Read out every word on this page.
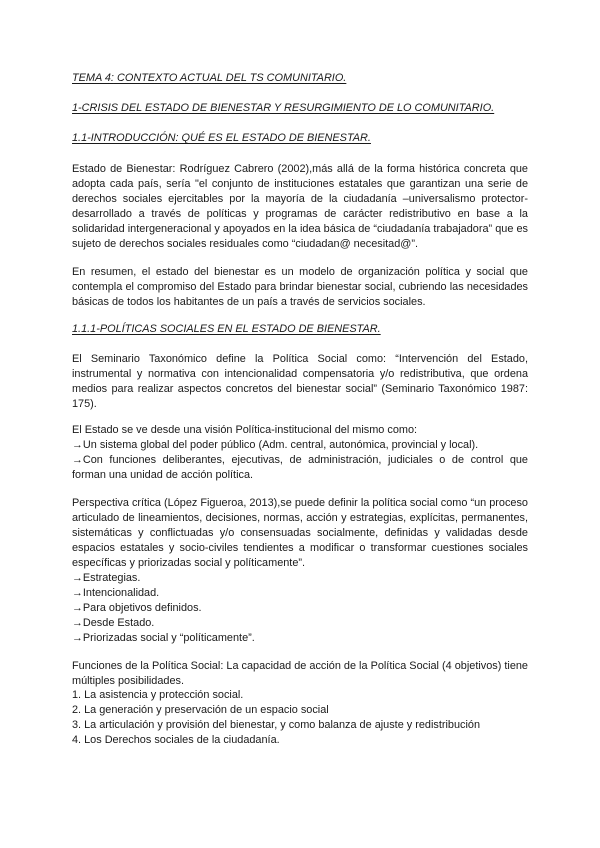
TEMA 4: CONTEXTO ACTUAL DEL TS COMUNITARIO.
1-CRISIS DEL ESTADO DE BIENESTAR Y RESURGIMIENTO DE LO COMUNITARIO.
1.1-INTRODUCCIÓN: QUÉ ES EL ESTADO DE BIENESTAR.

Estado de Bienestar: Rodríguez Cabrero (2002),más allá de la forma histórica concreta que adopta cada país, sería "el conjunto de instituciones estatales que garantizan una serie de derechos sociales ejercitables por la mayoría de la ciudadanía –universalismo protector-desarrollado a través de políticas y programas de carácter redistributivo en base a la solidaridad intergeneracional y apoyados en la idea básica de “ciudadanía trabajadora” que es sujeto de derechos sociales residuales como “ciudadan@ necesitad@”.

En resumen, el estado del bienestar es un modelo de organización política y social que contempla el compromiso del Estado para brindar bienestar social, cubriendo las necesidades básicas de todos los habitantes de un país a través de servicios sociales.

1.1.1-POLÍTICAS SOCIALES EN EL ESTADO DE BIENESTAR.

El Seminario Taxonómico define la Política Social como: “Intervención del Estado, instrumental y normativa con intencionalidad compensatoria y/o redistributiva, que ordena medios para realizar aspectos concretos del bienestar social” (Seminario Taxonómico 1987: 175).

El Estado se ve desde una visión Política-institucional del mismo como:
→Un sistema global del poder público (Adm. central, autonómica, provincial y local).
→Con funciones deliberantes, ejecutivas, de administración, judiciales o de control que forman una unidad de acción política.

Perspectiva crítica (López Figueroa, 2013),se puede definir la política social como “un proceso articulado de lineamientos, decisiones, normas, acción y estrategias, explícitas, permanentes, sistemáticas y conflictuadas y/o consensuadas socialmente, definidas y validadas desde espacios estatales y socio-civiles tendientes a modificar o transformar cuestiones sociales específicas y priorizadas social y políticamente”.

→Estrategias.
→Intencionalidad.
→Para objetivos definidos.
→Desde Estado.
→Priorizadas social y “políticamente”.

Funciones de la Política Social: La capacidad de acción de la Política Social (4 objetivos) tiene múltiples posibilidades.

1. La asistencia y protección social.
2. La generación y preservación de un espacio social
3. La articulación y provisión del bienestar, y como balanza de ajuste y redistribución
4. Los Derechos sociales de la ciudadanía.
